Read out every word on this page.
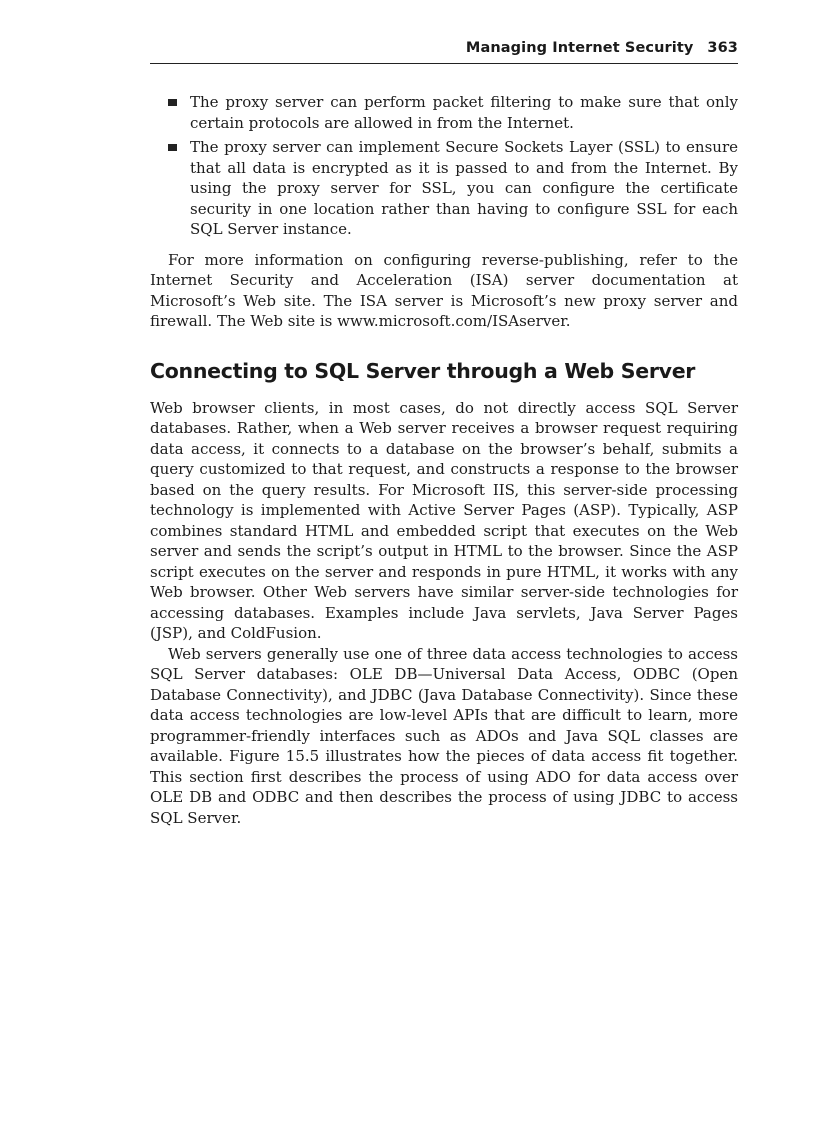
Managing Internet Security 363
The proxy server can perform packet filtering to make sure that only certain protocols are allowed in from the Internet.
The proxy server can implement Secure Sockets Layer (SSL) to ensure that all data is encrypted as it is passed to and from the Internet. By using the proxy server for SSL, you can configure the certificate security in one location rather than having to configure SSL for each SQL Server instance.

For more information on configuring reverse-publishing, refer to the Internet Security and Acceleration (ISA) server documentation at Microsoft’s Web site. The ISA server is Microsoft’s new proxy server and firewall. The Web site is www.microsoft.com/ISAserver.

Connecting to SQL Server through a Web Server

Web browser clients, in most cases, do not directly access SQL Server databases. Rather, when a Web server receives a browser request requiring data access, it connects to a database on the browser’s behalf, submits a query customized to that request, and constructs a response to the browser based on the query results. For Microsoft IIS, this server-side processing technology is implemented with Active Server Pages (ASP). Typically, ASP combines standard HTML and embedded script that executes on the Web server and sends the script’s output in HTML to the browser. Since the ASP script executes on the server and responds in pure HTML, it works with any Web browser. Other Web servers have similar server-side technologies for accessing databases. Examples include Java servlets, Java Server Pages (JSP), and ColdFusion.

Web servers generally use one of three data access technologies to access SQL Server databases: OLE DB—Universal Data Access, ODBC (Open Database Connectivity), and JDBC (Java Database Connectivity). Since these data access technologies are low-level APIs that are difficult to learn, more programmer-friendly interfaces such as ADOs and Java SQL classes are available. Figure 15.5 illustrates how the pieces of data access fit together. This section first describes the process of using ADO for data access over OLE DB and ODBC and then describes the process of using JDBC to access SQL Server.
